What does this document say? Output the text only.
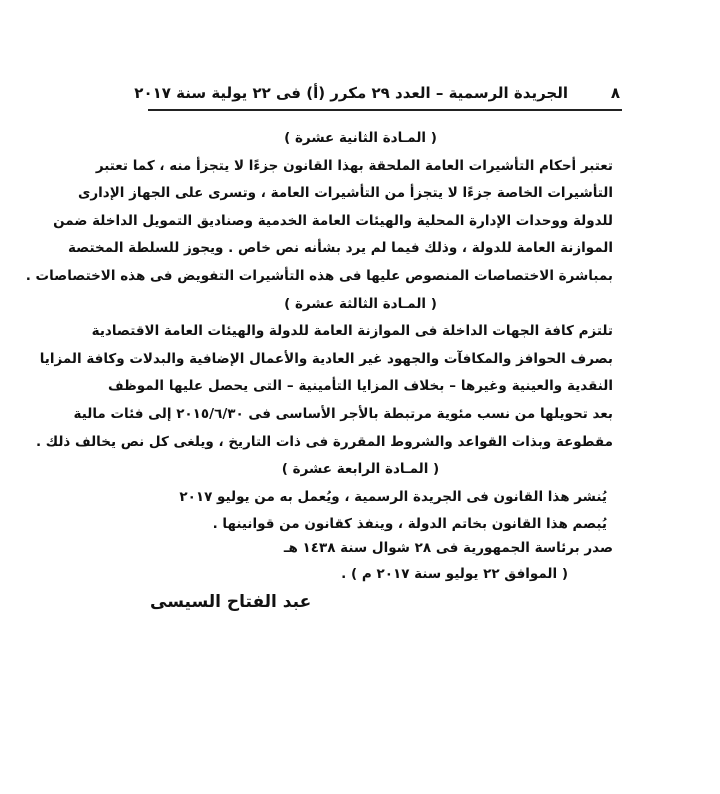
٨
الجريدة الرسمية – العدد ٢٩ مكرر (أ) فى ٢٢ يولية سنة ٢٠١٧
( المـادة الثانية عشرة )
تعتبر أحكام التأشيرات العامة الملحقة بهذا القانون جزءًا لا يتجزأ منه ، كما تعتبر
التأشيرات الخاصة جزءًا لا يتجزأ من التأشيرات العامة ، وتسرى على الجهاز الإدارى
للدولة ووحدات الإدارة المحلية والهيئات العامة الخدمية وصناديق التمويل الداخلة ضمن
الموازنة العامة للدولة ، وذلك فيما لم يرد بشأنه نص خاص . ويجوز للسلطة المختصة
بمباشرة الاختصاصات المنصوص عليها فى هذه التأشيرات التفويض فى هذه الاختصاصات .
( المـادة الثالثة عشرة )
تلتزم كافة الجهات الداخلة فى الموازنة العامة للدولة والهيئات العامة الاقتصادية
بصرف الحوافز والمكافآت والجهود غير العادية والأعمال الإضافية والبدلات وكافة المزايا
النقدية والعينية وغيرها – بخلاف المزايا التأمينية – التى يحصل عليها الموظف
بعد تحويلها من نسب مئوية مرتبطة بالأجر الأساسى فى ٢٠١٥/٦/٣٠ إلى فئات مالية
مقطوعة وبذات القواعد والشروط المقررة فى ذات التاريخ ، ويلغى كل نص يخالف ذلك .
( المـادة الرابعة عشرة )
يُنشر هذا القانون فى الجريدة الرسمية ، ويُعمل به من يوليو ٢٠١٧
يُبصم هذا القانون بخاتم الدولة ، وينفذ كقانون من قوانينها .
صدر برئاسة الجمهورية فى ٢٨ شوال سنة ١٤٣٨ هـ
( الموافق ٢٢ يوليو سنة ٢٠١٧ م ) .
عبد الفتاح السيسى
